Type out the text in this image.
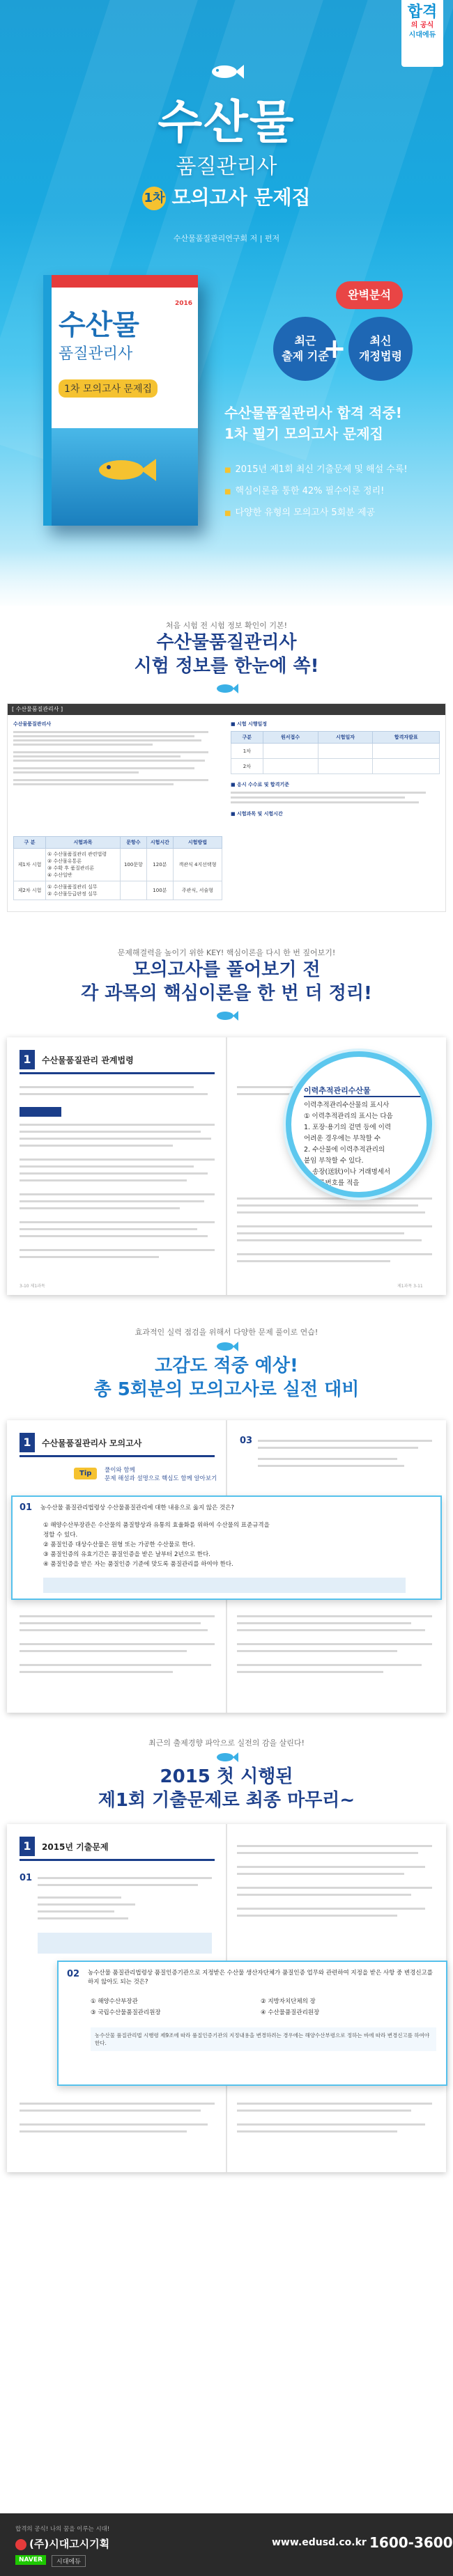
합격
의 공식
시대에듀
수산물
품질관리사
1차 모의고사 문제집
수산물품질관리연구회 저 | 편저
수산물
품질관리사
1차 모의고사 문제집
2016
최근
출제 기준
완벽분석
+	최신
개정법령
수산물품질관리사 합격 적중!
1차 필기 모의고사 문제집
■ 2015년 제1회 최신 기출문제 및 해설 수록!
■ 핵심이론을 통한 42% 필수이론 정리!
■ 다양한 유형의 모의고사 5회분 제공
처음 시험 전 시험 정보 확인이 기본!
수산물품질관리사
시험 정보를 한눈에 쏙!
[ 수산물품질관리사 ]
수산물품질관리사	■ 시험 시행일정
구분	원서접수	시험일자	합격자발표
1차			
2차			
■ 응시 수수료 및 합격기준
■ 시험과목 및 시험시간
구 분	시험과목	문항수	시험시간	시험방법
제1차 시험	① 수산물품질관리 관련법령
② 수산물유통론
③ 수확 후 품질관리론
④ 수산일반	100문항	120분	객관식 4지선택형
제2차 시험	① 수산물품질관리 실무
② 수산물등급판정 실무		100분	주관식, 서술형
문제해결력을 높이기 위한 KEY! 핵심이론을 다시 한 번 짚어보기!
모의고사를 풀어보기 전
각 과목의 핵심이론을 한 번 더 정리!
1	수산물품질관리 관계법령
3-10 제1과목	제1과목 3-11
이력추적관리수산물
이력추적관리수산물의 표시사
① 이력추적관리의 표시는 다음
1. 포장·용기의 겉면 등에 이력
어려운 경우에는 부착할 수
2. 수산물에 이력추적관리의
붙임 부착할 수 있다.
3. 송장(送狀)이나 거래명세서
를 등록번호를 적을
효과적인 실력 점검을 위해서 다양한 문제 풀이로 연습!
고감도 적중 예상!
총 5회분의 모의고사로 실전 대비
1	수산물품질관리사 모의고사
Tip	풀이와 함께
문제 해설과 설명으로 핵심도 함께 알아보기
03
01 농수산물 품질관리법령상 수산물품질관리에 대한 내용으로 옳지 않은 것은?
① 해양수산부장관은 수산물의 품질향상과 유통의 효율화를 위하여 수산물의 표준규격을
정할 수 있다.
② 품질인증 대상수산물은 원형 또는 가공한 수산물로 한다.
③ 품질인증의 유효기간은 품질인증을 받은 날부터 2년으로 한다.
④ 품질인증을 받은 자는 품질인증 기준에 맞도록 품질관리를 하여야 한다.
최근의 출제경향 파악으로 실전의 감을 살린다!
2015 첫 시행된
제1회 기출문제로 최종 마무리~
1	2015년 기출문제
01
02 농수산물 품질관리법령상 품질인증기관으로 지정받은 수산물 생산자단체가 품질인증 업무와 관련하여 지정을 받은 사항 중 변경신고를 하지 않아도 되는 것은?
① 해양수산부장관	② 지방자치단체의 장
③ 국립수산물품질관리원장	④ 수산물품질관리원장
농수산물 품질관리법 시행령 제9조에 따라 품질인증기관의 지정내용을 변경하려는 경우에는 해양수산부령으로 정하는 바에 따라 변경신고를 하여야 한다.
합격의 공식! 나의 꿈을 이루는 시대!
(주)시대고시기획
NAVER	시대에듀
www.edusd.co.kr 1600-3600
